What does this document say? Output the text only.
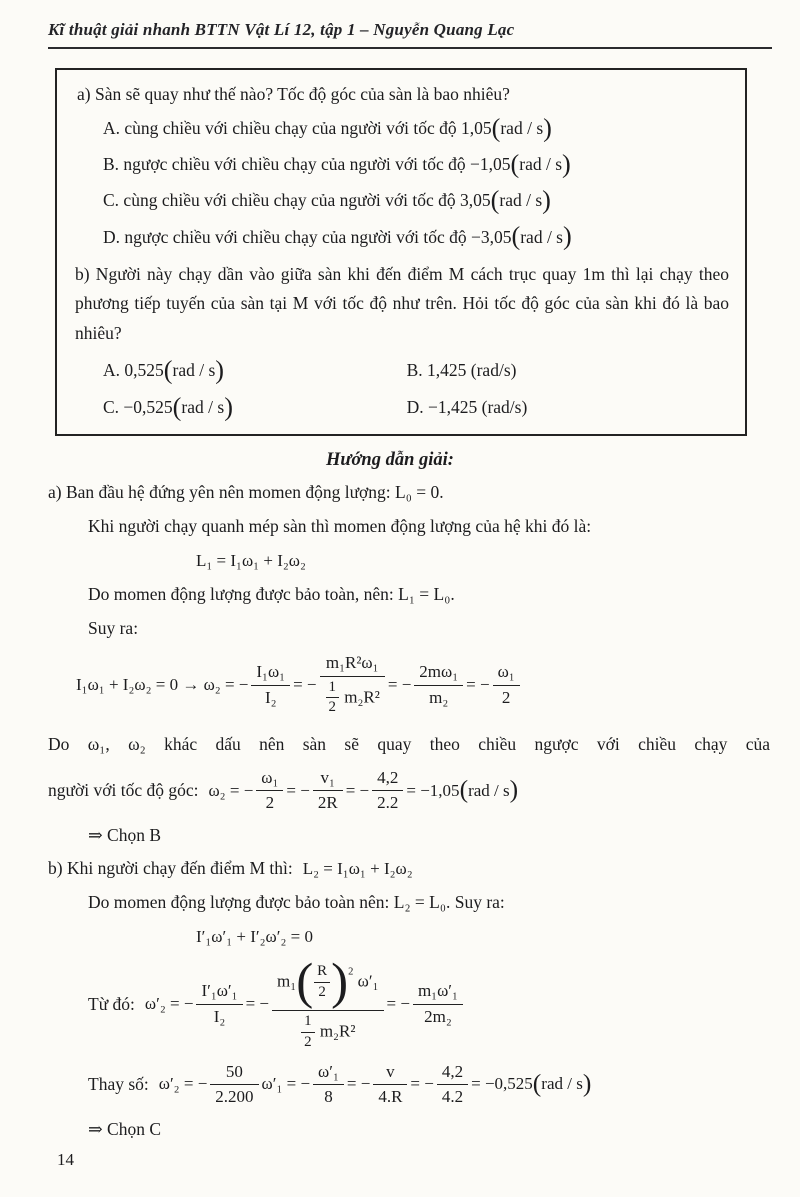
Kĩ thuật giải nhanh BTTN Vật Lí 12, tập 1 – Nguyễn Quang Lạc

a) Sàn sẽ quay như thế nào? Tốc độ góc của sàn là bao nhiêu?

A. cùng chiều với chiều chạy của người với tốc độ 1,05(rad / s)
B. ngược chiều với chiều chạy của người với tốc độ −1,05(rad / s)
C. cùng chiều với chiều chạy của người với tốc độ 3,05(rad / s)
D. ngược chiều với chiều chạy của người với tốc độ −3,05(rad / s)

b) Người này chạy dần vào giữa sàn khi đến điểm M cách trục quay 1m thì lại chạy theo phương tiếp tuyến của sàn tại M với tốc độ như trên. Hỏi tốc độ góc của sàn khi đó là bao nhiêu?

A. 0,525(rad / s)	B. 1,425 (rad/s)
C. −0,525(rad / s)	D. −1,425 (rad/s)
Hướng dẫn giải:

a) Ban đầu hệ đứng yên nên momen động lượng: L₀ = 0.

Khi người chạy quanh mép sàn thì momen động lượng của hệ khi đó là:

L₁ = I₁ω₁ + I₂ω₂

Do momen động lượng được bảo toàn, nên: L₁ = L₀.

Suy ra:

I₁ω₁ + I₂ω₂ = 0 → ω₂ = − $\frac{\text{I₁ω₁}}{\text{I₂}}$ = − $\frac{\text{m₁R²ω₁}}{\frac{1}{2} m_2R^2}$ = − $\frac{\text{2mω₁}}{\text{m₂}}$ = − $\frac{\text{ω₁}}{2}$

Do ω₁, ω₂ khác dấu nên sàn sẽ quay theo chiều ngược với chiều chạy của

người với tốc độ góc: ω₂ = − $\frac{\text{ω₁}}{2}$ = − $\frac{\text{v₁}}{2R}$ = − $\frac{4,2}{2.2} = -1,05$ ( rad / s )

⇒ Chọn B

b) Khi người chạy đến điểm M thì: L₂ = I₁ω₁ + I₂ω₂

Do momen động lượng được bảo toàn nên: L₂ = L₀. Suy ra:

I′₁ω′₁ + I′₂ω′₂ = 0
Từ đó: ω′₂ = − $\frac{\text{I′₁ω′₁}}{\text{I₂}}$ = − $\frac{m_1( \frac{R}{2} )^2 \omega'_1}{\frac{1}{2} m_2R^2}$ = − $\frac{\text{m₁ω′₁}}{\text{2m₂}}$
Thay số: ω′₂ = − $\frac{50}{2.200} \omega'_1$ = − $\frac{\text{ω′₁}}{8}$ = − $\frac{v}{4.R}$ = − $\frac{4,2}{4.2} = -0,525$ ( rad / s )

⇒ Chọn C

14
